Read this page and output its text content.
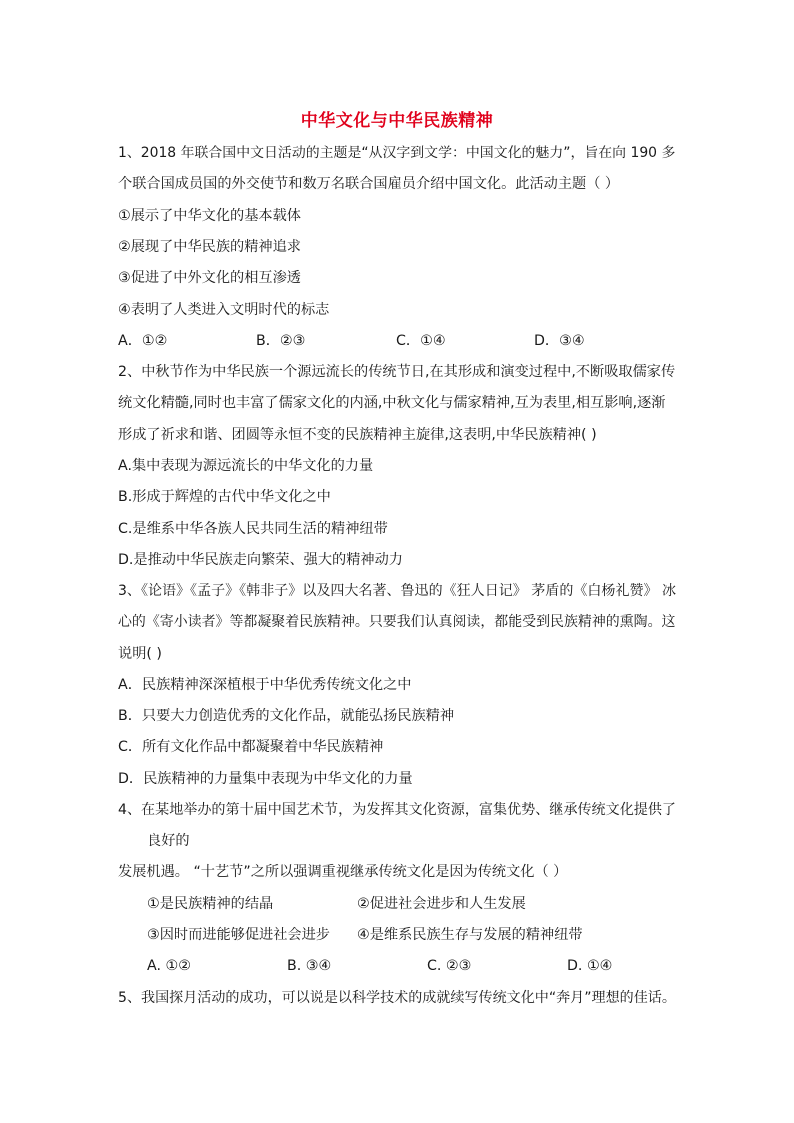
中华文化与中华民族精神
1、2018 年联合国中文日活动的主题是“从汉字到文学：中国文化的魅力”，旨在向 190 多
个联合国成员国的外交使节和数万名联合国雇员介绍中国文化。此活动主题（ ）
①展示了中华文化的基本载体
②展现了中华民族的精神追求
③促进了中外文化的相互渗透
④表明了人类进入文明时代的标志
A．①②	B．②③	C．①④	D．③④
2、中秋节作为中华民族一个源远流长的传统节日,在其形成和演变过程中,不断吸取儒家传
统文化精髓,同时也丰富了儒家文化的内涵,中秋文化与儒家精神,互为表里,相互影响,逐渐
形成了祈求和谐、团圆等永恒不变的民族精神主旋律,这表明,中华民族精神( )
A.集中表现为源远流长的中华文化的力量
B.形成于辉煌的古代中华文化之中
C.是维系中华各族人民共同生活的精神纽带
D.是推动中华民族走向繁荣、强大的精神动力
3、《论语》《孟子》《韩非子》以及四大名著、鲁迅的《狂人日记》 茅盾的《白杨礼赞》 冰
心的《寄小读者》等都凝聚着民族精神。只要我们认真阅读，都能受到民族精神的熏陶。这
说明( )
A．民族精神深深植根于中华优秀传统文化之中
B．只要大力创造优秀的文化作品，就能弘扬民族精神
C．所有文化作品中都凝聚着中华民族精神
D．民族精神的力量集中表现为中华文化的力量
4、在某地举办的第十届中国艺术节，为发挥其文化资源，富集优势、继承传统文化提供了
良好的
发展机遇。 “十艺节”之所以强调重视继承传统文化是因为传统文化（ ）
①是民族精神的结晶	②促进社会进步和人生发展
③因时而进能够促进社会进步 ④是维系民族生存与发展的精神纽带
A. ①②	B. ③④	C. ②③	D. ①④
5、我国探月活动的成功，可以说是以科学技术的成就续写传统文化中“奔月”理想的佳话。
